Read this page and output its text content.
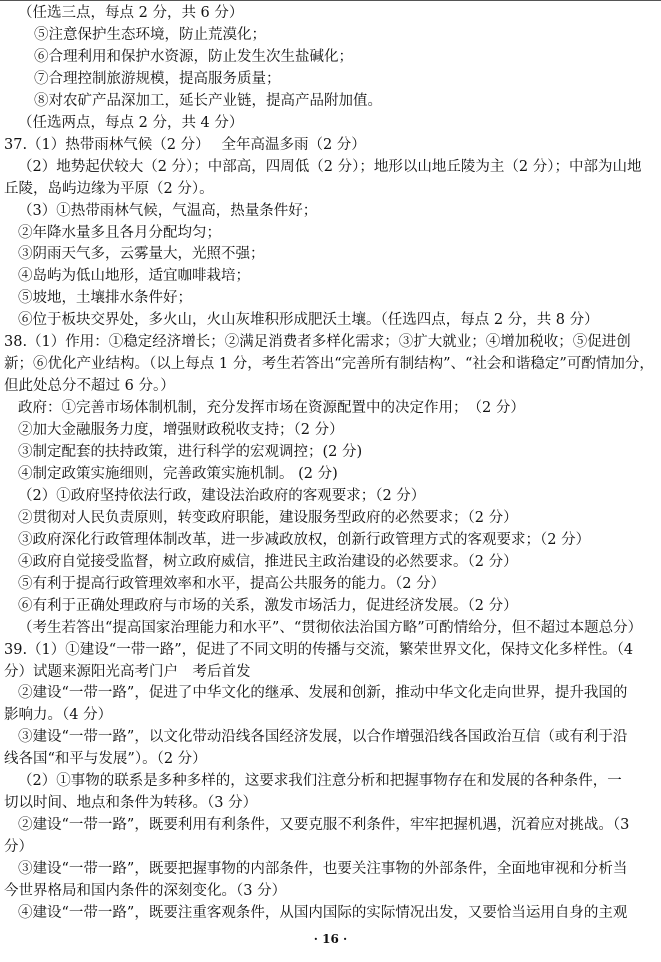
（任选三点，每点 2 分，共 6 分）
⑤注意保护生态环境，防止荒漠化；
⑥合理利用和保护水资源，防止发生次生盐碱化；
⑦合理控制旅游规模，提高服务质量；
⑧对农矿产品深加工，延长产业链，提高产品附加值。
（任选两点，每点 2 分，共 4 分）
37.（1）热带雨林气候（2 分）　 全年高温多雨（2 分）
（2）地势起伏较大（2 分）；中部高，四周低（2 分）；地形以山地丘陵为主（2 分）；中部为山地
丘陵，岛屿边缘为平原（2 分）。
（3）①热带雨林气候，气温高，热量条件好；
②年降水量多且各月分配均匀；
③阴雨天气多，云雾量大，光照不强；
④岛屿为低山地形，适宜咖啡栽培；
⑤坡地，土壤排水条件好；
⑥位于板块交界处，多火山，火山灰堆积形成肥沃土壤。（任选四点，每点 2 分，共 8 分）
38.（1）作用：①稳定经济增长；②满足消费者多样化需求；③扩大就业；④增加税收；⑤促进创
新；⑥优化产业结构。（以上每点 1 分，考生若答出“完善所有制结构”、“社会和谐稳定”可酌情加分，
但此处总分不超过 6 分。）
政府：①完善市场体制机制，充分发挥市场在资源配置中的决定作用；　（2 分）
②加大金融服务力度，增强财政税收支持；（2 分）
③制定配套的扶持政策，进行科学的宏观调控；(2 分)
④制定政策实施细则，完善政策实施机制。 (2 分)
（2）①政府坚持依法行政，建设法治政府的客观要求；（2 分）
②贯彻对人民负责原则，转变政府职能，建设服务型政府的必然要求；（2 分）
③政府深化行政管理体制改革，进一步减政放权，创新行政管理方式的客观要求；（2 分）
④政府自觉接受监督，树立政府威信，推进民主政治建设的必然要求。（2 分）
⑤有利于提高行政管理效率和水平，提高公共服务的能力。（2 分）
⑥有利于正确处理政府与市场的关系，激发市场活力，促进经济发展。（2 分）
（考生若答出“提高国家治理能力和水平”、“贯彻依法治国方略”可酌情给分，但不超过本题总分）
39.（1）①建设“一带一路”，促进了不同文明的传播与交流，繁荣世界文化，保持文化多样性。（4
分）试题来源阳光高考门户　考后首发
②建设“一带一路”，促进了中华文化的继承、发展和创新，推动中华文化走向世界，提升我国的
影响力。（4 分）
③建设“一带一路”，以文化带动沿线各国经济发展，以合作增强沿线各国政治互信（或有利于沿
线各国“和平与发展”）。（2 分）
（2）①事物的联系是多种多样的，这要求我们注意分析和把握事物存在和发展的各种条件，一
切以时间、地点和条件为转移。（3 分）
②建设“一带一路”，既要利用有利条件，又要克服不利条件，牢牢把握机遇，沉着应对挑战。（3
分）
③建设“一带一路”，既要把握事物的内部条件，也要关注事物的外部条件，全面地审视和分析当
今世界格局和国内条件的深刻变化。（3 分）
④建设“一带一路”，既要注重客观条件，从国内国际的实际情况出发，又要恰当运用自身的主观
· 16 ·
